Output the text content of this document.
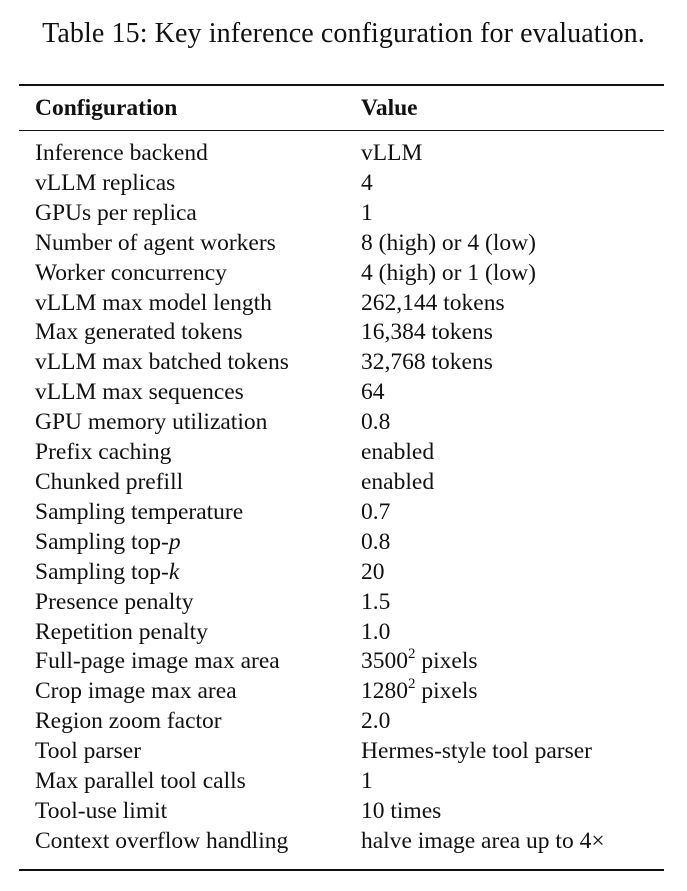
Table 15: Key inference configuration for evaluation.
Configuration	Value
Inference backend	vLLM
vLLM replicas	4
GPUs per replica	1
Number of agent workers	8 (high) or 4 (low)
Worker concurrency	4 (high) or 1 (low)
vLLM max model length	262,144 tokens
Max generated tokens	16,384 tokens
vLLM max batched tokens	32,768 tokens
vLLM max sequences	64
GPU memory utilization	0.8
Prefix caching	enabled
Chunked prefill	enabled
Sampling temperature	0.7
Sampling top-p	0.8
Sampling top-k	20
Presence penalty	1.5
Repetition penalty	1.0
Full-page image max area	3500$^2$ pixels
Crop image max area	1280$^2$ pixels
Region zoom factor	2.0
Tool parser	Hermes-style tool parser
Max parallel tool calls	1
Tool-use limit	10 times
Context overflow handling	halve image area up to 4×
